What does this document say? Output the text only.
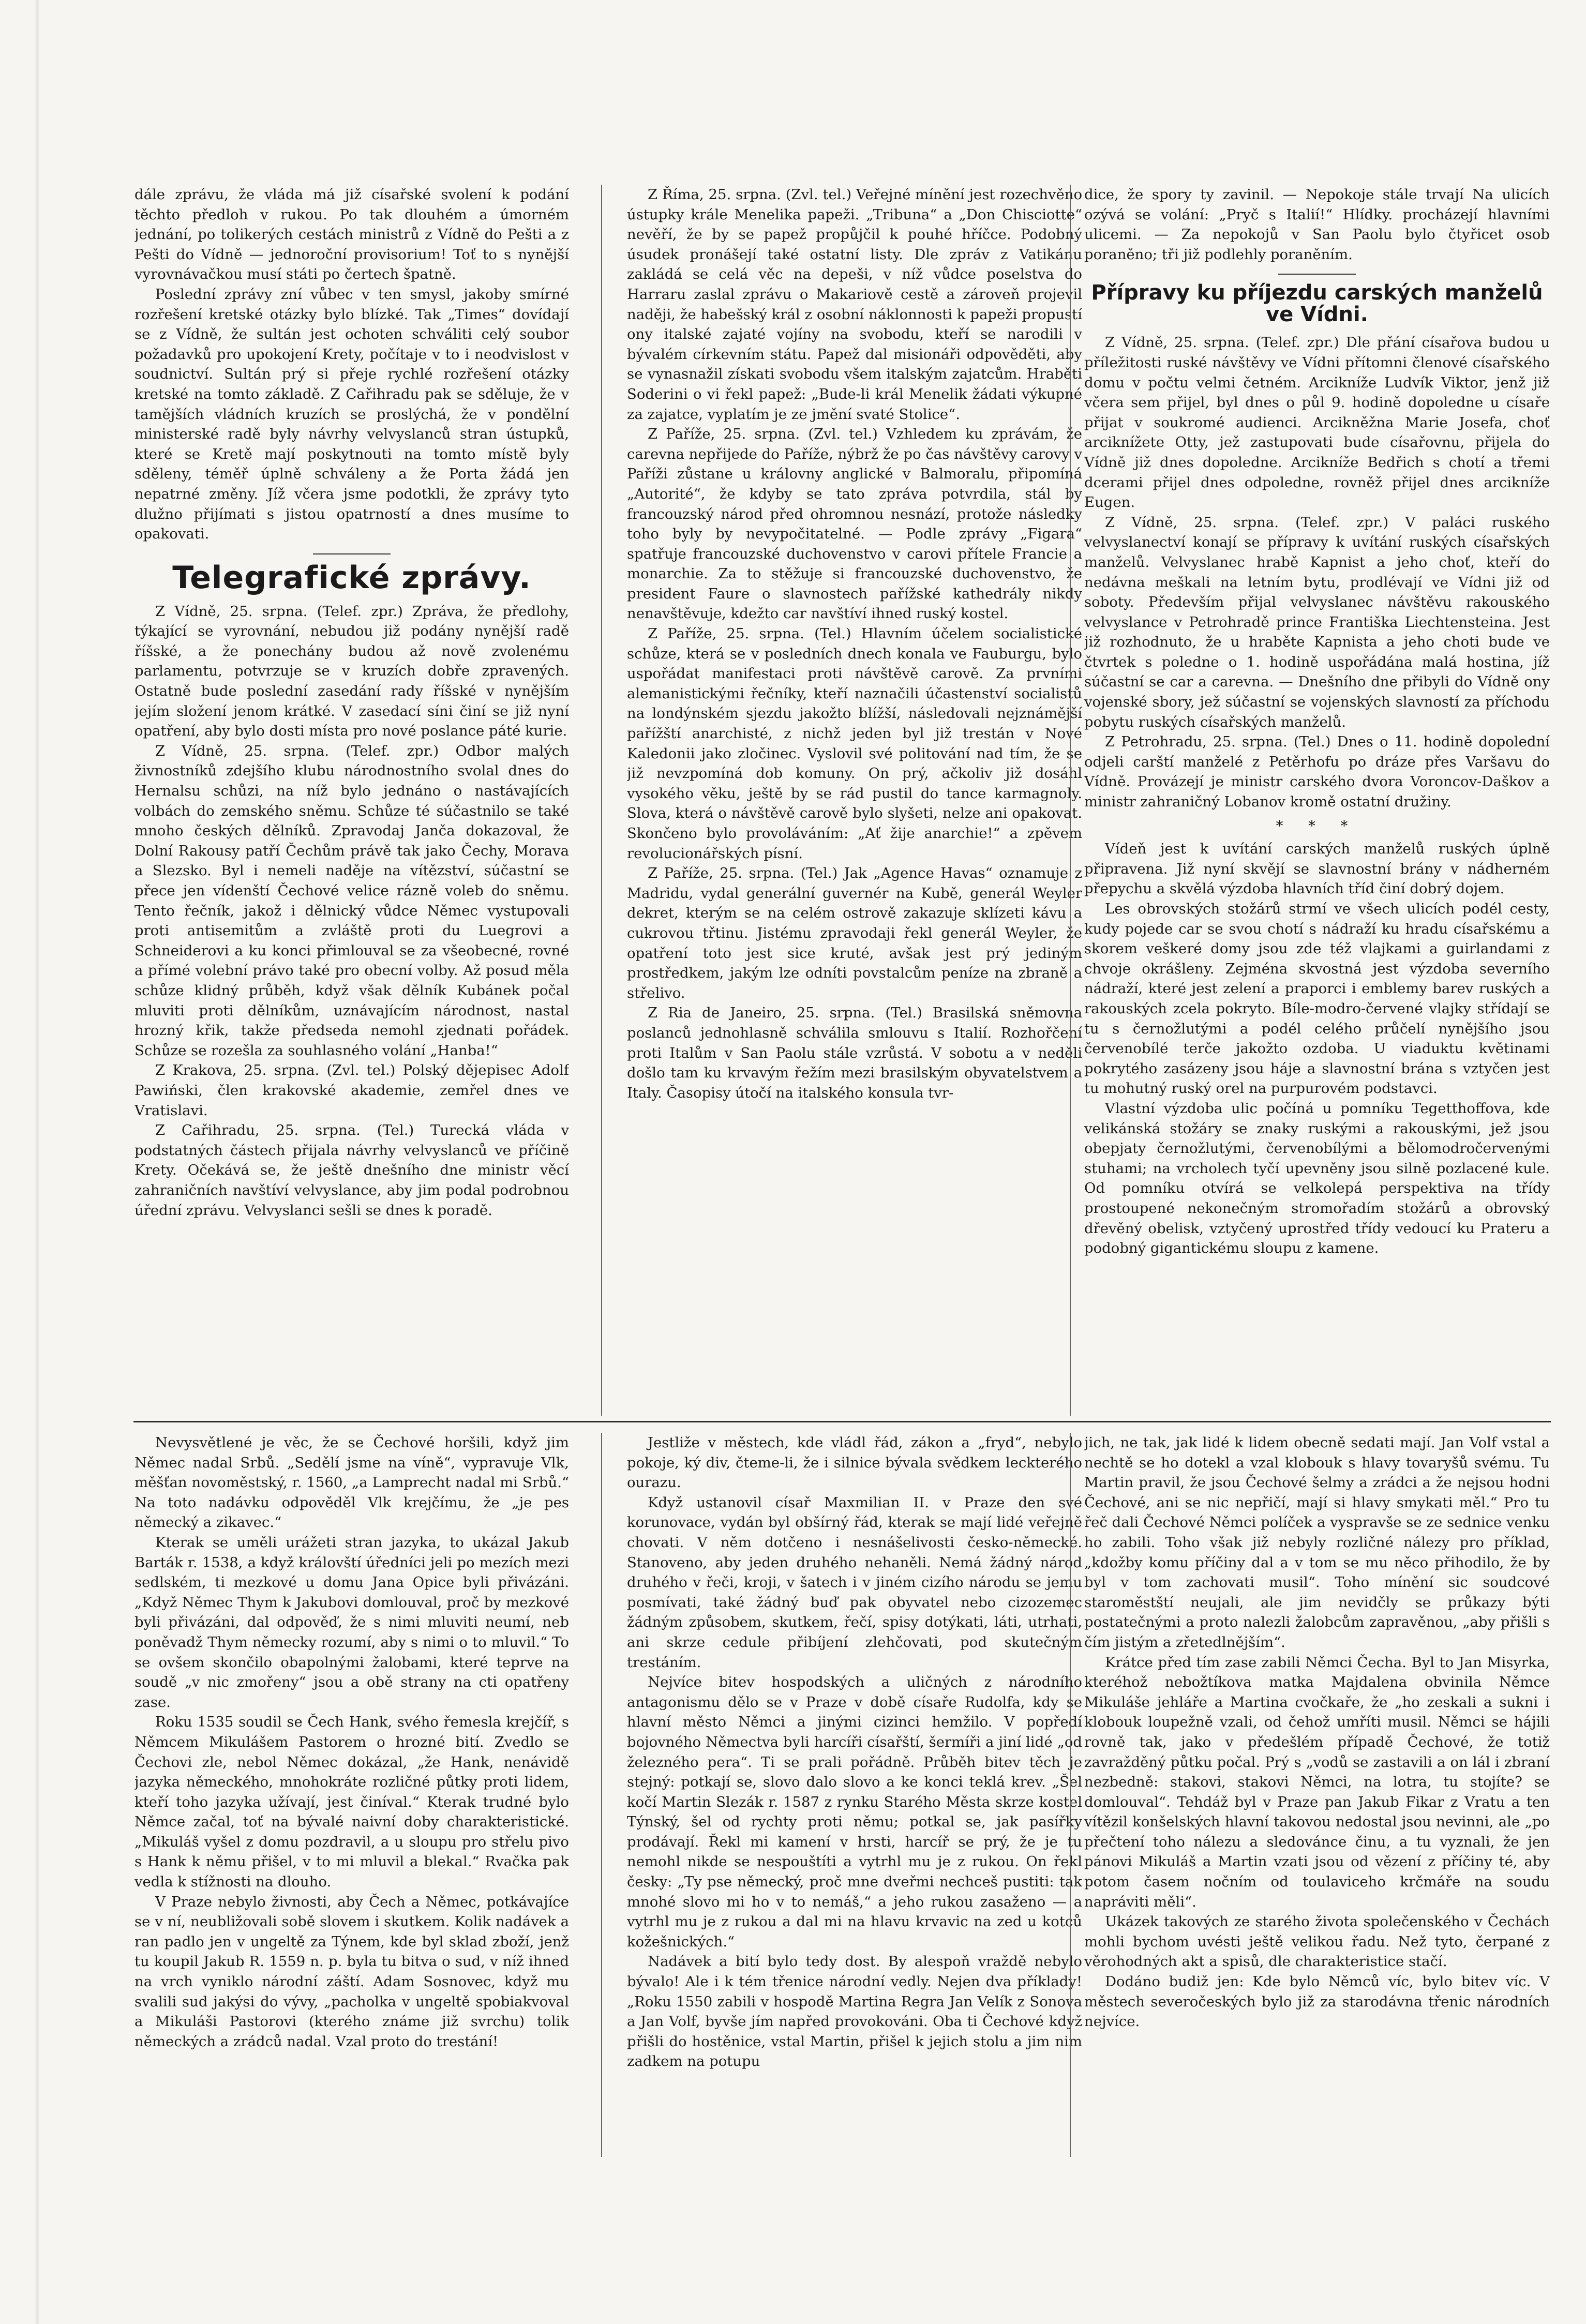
dále zprávu, že vláda má již císařské svolení k podání těchto předloh v rukou. Po tak dlouhém a úmorném jednání, po tolikerých cestách ministrů z Vídně do Pešti a z Pešti do Vídně — jednoroční provisorium! Toť to s nynější vyrovnávačkou musí státi po čertech špatně.

Poslední zprávy zní vůbec v ten smysl, jakoby smírné rozřešení kretské otázky bylo blízké. Tak „Times“ dovídají se z Vídně, že sultán jest ochoten schváliti celý soubor požadavků pro upokojení Krety, počítaje v to i neodvislost v soudnictví. Sultán prý si přeje rychlé rozřešení otázky kretské na tomto základě. Z Cařihradu pak se sděluje, že v tamějších vládních kruzích se proslýchá, že v pondělní ministerské radě byly návrhy velvyslanců stran ústupků, které se Kretě mají poskytnouti na tomto místě byly sděleny, téměř úplně schváleny a že Porta žádá jen nepatrné změny. Jíž včera jsme podotkli, že zprávy tyto dlužno přijímati s jistou opatrností a dnes musíme to opakovati.

Telegrafické zprávy.

Z Vídně, 25. srpna. (Telef. zpr.) Zpráva, že předlohy, týkající se vyrovnání, nebudou již podány nynější radě říšské, a že ponechány budou až nově zvolenému parlamentu, potvrzuje se v kruzích dobře zpravených. Ostatně bude poslední zasedání rady říšské v nynějším jejím složení jenom krátké. V zasedací síni činí se již nyní opatření, aby bylo dosti místa pro nové poslance páté kurie.

Z Vídně, 25. srpna. (Telef. zpr.) Odbor malých živnostníků zdejšího klubu národnostního svolal dnes do Hernalsu schůzi, na níž bylo jednáno o nastávajících volbách do zemského sněmu. Schůze té súčastnilo se také mnoho českých dělníků. Zpravodaj Janča dokazoval, že Dolní Rakousy patří Čechům právě tak jako Čechy, Morava a Slezsko. Byl i nemeli naděje na vítězství, súčastní se přece jen vídenští Čechové velice rázně voleb do sněmu. Tento řečník, jakož i dělnický vůdce Němec vystupovali proti antisemitům a zvláště proti du Luegrovi a Schneiderovi a ku konci přimlouval se za všeobecné, rovné a přímé volební právo také pro obecní volby. Až posud měla schůze klidný průběh, když však dělník Kubánek počal mluviti proti dělníkům, uznávajícím národnost, nastal hrozný křik, takže předseda nemohl zjednati pořádek. Schůze se rozešla za souhlasného volání „Hanba!“

Z Krakova, 25. srpna. (Zvl. tel.) Polský dějepisec Adolf Pawiński, člen krakovské akademie, zemřel dnes ve Vratislavi.

Z Cařihradu, 25. srpna. (Tel.) Turecká vláda v podstatných částech přijala návrhy velvyslanců ve příčině Krety. Očekává se, že ještě dnešního dne ministr věcí zahraničních navštíví velvyslance, aby jim podal podrobnou úřední zprávu. Velvyslanci sešli se dnes k poradě.

Z Říma, 25. srpna. (Zvl. tel.) Veřejné mínění jest rozechvěno ústupky krále Menelika papeži. „Tribuna“ a „Don Chisciotte“ nevěří, že by se papež propůjčil k pouhé hříčce. Podobný úsudek pronášejí také ostatní listy. Dle zpráv z Vatikánu zakládá se celá věc na depeši, v níž vůdce poselstva do Harraru zaslal zprávu o Makariově cestě a zároveň projevil naději, že habešský král z osobní náklonnosti k papeži propustí ony italské zajaté vojíny na svobodu, kteří se narodili v bývalém církevním státu. Papež dal misionáři odpověděti, aby se vynasnažil získati svobodu všem italským zajatcům. Hraběti Soderini o vi řekl papež: „Bude-li král Menelik žádati výkupné za zajatce, vyplatím je ze jmění svaté Stolice“.

Z Paříže, 25. srpna. (Zvl. tel.) Vzhledem ku zprávám, že carevna nepřijede do Paříže, nýbrž že po čas návštěvy carovy v Paříži zůstane u královny anglické v Balmoralu, připomíná „Autorité“, že kdyby se tato zpráva potvrdila, stál by francouzský národ před ohromnou nesnází, protože následky toho byly by nevypočitatelné. — Podle zprávy „Figara“ spatřuje francouzské duchovenstvo v carovi přítele Francie a monarchie. Za to stěžuje si francouzské duchovenstvo, že president Faure o slavnostech pařížské kathedrály nikdy nenavštěvuje, kdežto car navštíví ihned ruský kostel.

Z Paříže, 25. srpna. (Tel.) Hlavním účelem socialistické schůze, která se v posledních dnech konala ve Fauburgu, bylo uspořádat manifestaci proti návštěvě carově. Za prvními alemanistickými řečníky, kteří naznačili účastenství socialistů na londýnském sjezdu jakožto blížší, následovali nejznámější pařížští anarchisté, z nichž jeden byl již trestán v Nové Kaledonii jako zločinec. Vyslovil své politování nad tím, že se již nevzpomíná dob komuny. On prý, ačkoliv již dosáhl vysokého věku, ještě by se rád pustil do tance karmagnoly. Slova, která o návštěvě carově bylo slyšeti, nelze ani opakovat. Skončeno bylo provoláváním: „Ať žije anarchie!“ a zpěvem revolucionářských písní.

Z Paříže, 25. srpna. (Tel.) Jak „Agence Havas“ oznamuje z Madridu, vydal generální guvernér na Kubě, generál Weyler dekret, kterým se na celém ostrově zakazuje sklízeti kávu a cukrovou třtinu. Jistému zpravodaji řekl generál Weyler, že opatření toto jest sice kruté, avšak jest prý jediným prostředkem, jakým lze odníti povstalcům peníze na zbraně a střelivo.

Z Ria de Janeiro, 25. srpna. (Tel.) Brasilská sněmovna poslanců jednohlasně schválila smlouvu s Italií. Rozhořčení proti Italům v San Paolu stále vzrůstá. V sobotu a v neděli došlo tam ku krvavým řežím mezi brasilským obyvatelstvem a Italy. Časopisy útočí na italského konsula tvr-

dice, že spory ty zavinil. — Nepokoje stále trvají Na ulicích ozývá se volání: „Pryč s Italií!“ Hlídky. procházejí hlavními ulicemi. — Za nepokojů v San Paolu bylo čtyřicet osob poraněno; tři již podlehly poraněním.

Přípravy ku příjezdu carských manželů ve Vídni.

Z Vídně, 25. srpna. (Telef. zpr.) Dle přání císařova budou u příležitosti ruské návštěvy ve Vídni přítomni členové císařského domu v počtu velmi četném. Arcikníže Ludvík Viktor, jenž již včera sem přijel, byl dnes o půl 9. hodině dopoledne u císaře přijat v soukromé audienci. Arcikněžna Marie Josefa, choť arciknížete Otty, jež zastupovati bude císařovnu, přijela do Vídně již dnes dopoledne. Arcikníže Bedřich s chotí a třemi dcerami přijel dnes odpoledne, rovněž přijel dnes arcikníže Eugen.

Z Vídně, 25. srpna. (Telef. zpr.) V paláci ruského velvyslanectví konají se přípravy k uvítání ruských císařských manželů. Velvyslanec hrabě Kapnist a jeho choť, kteří do nedávna meškali na letním bytu, prodlévají ve Vídni již od soboty. Především přijal velvyslanec návštěvu rakouského velvyslance v Petrohradě prince Františka Liechtensteina. Jest již rozhodnuto, že u hraběte Kapnista a jeho choti bude ve čtvrtek s poledne o 1. hodině uspořádána malá hostina, jíž súčastní se car a carevna. — Dnešního dne přibyli do Vídně ony vojenské sbory, jež súčastní se vojenských slavností za příchodu pobytu ruských císařských manželů.

Z Petrohradu, 25. srpna. (Tel.) Dnes o 11. hodině dopolední odjeli carští manželé z Petěrhofu po dráze přes Varšavu do Vídně. Provázejí je ministr carského dvora Voroncov-Daškov a ministr zahraničný Lobanov kromě ostatní družiny.

* * *

Vídeň jest k uvítání carských manželů ruských úplně připravena. Již nyní skvějí se slavnostní brány v nádherném přepychu a skvělá výzdoba hlavních tříd činí dobrý dojem.

Les obrovských stožárů strmí ve všech ulicích podél cesty, kudy pojede car se svou chotí s nádraží ku hradu císařskému a skorem veškeré domy jsou zde též vlajkami a guirlandami z chvoje okrášleny. Zejména skvostná jest výzdoba severního nádraží, které jest zelení a praporci i emblemy barev ruských a rakouských zcela pokryto. Bíle-modro-červené vlajky střídají se tu s černožlutými a podél celého průčelí nynějšího jsou červenobílé terče jakožto ozdoba. U viaduktu květinami pokrytého zasázeny jsou háje a slavnostní brána s vztyčen jest tu mohutný ruský orel na purpurovém podstavci.

Vlastní výzdoba ulic počíná u pomníku Tegetthoffova, kde velikánská stožáry se znaky ruskými a rakouskými, jež jsou obepjaty černožlutými, červenobílými a bělomodročervenými stuhami; na vrcholech tyčí upevněny jsou silně pozlacené kule. Od pomníku otvírá se velkolepá perspektiva na třídy prostoupené nekonečným stromořadím stožárů a obrovský dřevěný obelisk, vztyčený uprostřed třídy vedoucí ku Prateru a podobný gigantickému sloupu z kamene.

Nevysvětlené je věc, že se Čechové horšili, když jim Němec nadal Srbů. „Sedělí jsme na víně“, vypravuje Vlk, měšťan novoměstský, r. 1560, „a Lamprecht nadal mi Srbů.“ Na toto nadávku odpověděl Vlk krejčímu, že „je pes německý a zikavec.“

Kterak se uměli urážeti stran jazyka, to ukázal Jakub Barták r. 1538, a když královští úředníci jeli po mezích mezi sedlském, ti mezkové u domu Jana Opice byli přivázáni. „Když Němec Thym k Jakubovi domlouval, proč by mezkové byli přivázáni, dal odpověď, že s nimi mluviti neumí, neb poněvadž Thym německy rozumí, aby s nimi o to mluvil.“ To se ovšem skončilo obapolnými žalobami, které teprve na soudě „v nic zmořeny“ jsou a obě strany na cti opatřeny zase.

Roku 1535 soudil se Čech Hank, svého řemesla krejčíř, s Němcem Mikulášem Pastorem o hrozné bití. Zvedlo se Čechovi zle, nebol Němec dokázal, „že Hank, nenávidě jazyka německého, mnohokráte rozličné půtky proti lidem, kteří toho jazyka užívají, jest činíval.“ Kterak trudné bylo Němce začal, toť na bývalé naivní doby charakteristické. „Mikuláš vyšel z domu pozdravil, a u sloupu pro střelu pivo s Hank k němu přišel, v to mi mluvil a blekal.“ Rvačka pak vedla k stížnosti na dlouho.

V Praze nebylo živnosti, aby Čech a Němec, potkávajíce se v ní, neubližovali sobě slovem i skutkem. Kolik nadávek a ran padlo jen v ungeltě za Týnem, kde byl sklad zboží, jenž tu koupil Jakub R. 1559 n. p. byla tu bitva o sud, v níž ihned na vrch vyniklo národní záští. Adam Sosnovec, když mu svalili sud jakýsi do vývy, „pacholka v ungeltě spobiakvoval a Mikuláši Pastorovi (kterého známe již svrchu) tolik německých a zrádců nadal. Vzal proto do trestání!

Jestliže v městech, kde vládl řád, zákon a „fryd“, nebylo pokoje, ký div, čteme-li, že i silnice bývala svědkem leckterého ourazu.

Když ustanovil císař Maxmilian II. v Praze den své korunovace, vydán byl obšírný řád, kterak se mají lidé veřejně chovati. V něm dotčeno i nesnášelivosti česko-německé. Stanoveno, aby jeden druhého nehaněli. Nemá žádný národ druhého v řeči, kroji, v šatech i v jiném cizího národu se jemu posmívati, také žádný buď pak obyvatel nebo cizozemec žádným způsobem, skutkem, řečí, spisy dotýkati, láti, utrhati, ani skrze cedule přibíjení zlehčovati, pod skutečným trestáním.

Nejvíce bitev hospodských a uličných z národního antagonismu dělo se v Praze v době císaře Rudolfa, kdy se hlavní město Němci a jinými cizinci hemžilo. V popředí bojovného Němectva byli harcíři císařští, šermíři a jiní lidé „od železného pera“. Ti se prali pořádně. Průběh bitev těch je stejný: potkají se, slovo dalo slovo a ke konci teklá krev. „Šel kočí Martin Slezák r. 1587 z rynku Starého Města skrze kostel Týnský, šel od rychty proti němu; potkal se, jak pasířky prodávají. Řekl mi kamení v hrsti, harcíř se prý, že je tu nemohl nikde se nespouštíti a vytrhl mu je z rukou. On řekl česky: „Ty pse německý, proč mne dveřmi nechceš pustiti: tak mnohé slovo mi ho v to nemáš,“ a jeho rukou zasaženo — a vytrhl mu je z rukou a dal mi na hlavu krvavic na zed u kotců kožešnických.“

Nadávek a bití bylo tedy dost. By alespoň vraždě nebylo bývalo! Ale i k tém třenice národní vedly. Nejen dva příklady! „Roku 1550 zabili v hospodě Martina Regra Jan Velík z Sonova a Jan Volf, byvše jím napřed provokováni. Oba ti Čechové když přišli do hostěnice, vstal Martin, přišel k jejich stolu a jim nim zadkem na potupu

jich, ne tak, jak lidé k lidem obecně sedati mají. Jan Volf vstal a nechtě se ho dotekl a vzal klobouk s hlavy tovaryšů svému. Tu Martin pravil, že jsou Čechové šelmy a zrádci a že nejsou hodni Čechové, ani se nic nepřičí, mají si hlavy smykati měl.“ Pro tu řeč dali Čechové Němci políček a vyspravše se ze sednice venku ho zabili. Toho však již nebyly rozličné nálezy pro příklad, „kdožby komu příčiny dal a v tom se mu něco přihodilo, že by byl v tom zachovati musil“. Toho mínění sic soudcové staroměstští neujali, ale jim nevidčly se průkazy býti postatečnými a proto nalezli žalobcům zapravěnou, „aby přišli s čím jistým a zřetedlnějším“.

Krátce před tím zase zabili Němci Čecha. Byl to Jan Misyrka, kteréhož nebožtíkova matka Majdalena obvinila Němce Mikuláše jehláře a Martina cvočkaře, že „ho zeskali a sukni i klobouk loupežně vzali, od čehož umříti musil. Němci se hájili rovně tak, jako v předešlém případě Čechové, že totiž zavražděný půtku počal. Prý s „vodů se zastavili a on lál i zbraní nezbedně: stakovi, stakovi Němci, na lotra, tu stojíte? se domlouval“. Tehdáž byl v Praze pan Jakub Fikar z Vratu a ten vítězil konšelských hlavní takovou nedostal jsou nevinni, ale „po přečtení toho nálezu a sledovánce činu, a tu vyznali, že jen pánovi Mikuláš a Martin vzati jsou od vězení z příčiny té, aby potom časem nočním od toulaviceho krčmáře na soudu napráviti měli“.

Ukázek takových ze starého života společenského v Čechách mohli bychom uvésti ještě velikou řadu. Než tyto, čerpané z věrohodných akt a spisů, dle charakteristice stačí.

Dodáno budiž jen: Kde bylo Němců víc, bylo bitev víc. V městech severočeských bylo již za starodávna třenic národních nejvíce.
